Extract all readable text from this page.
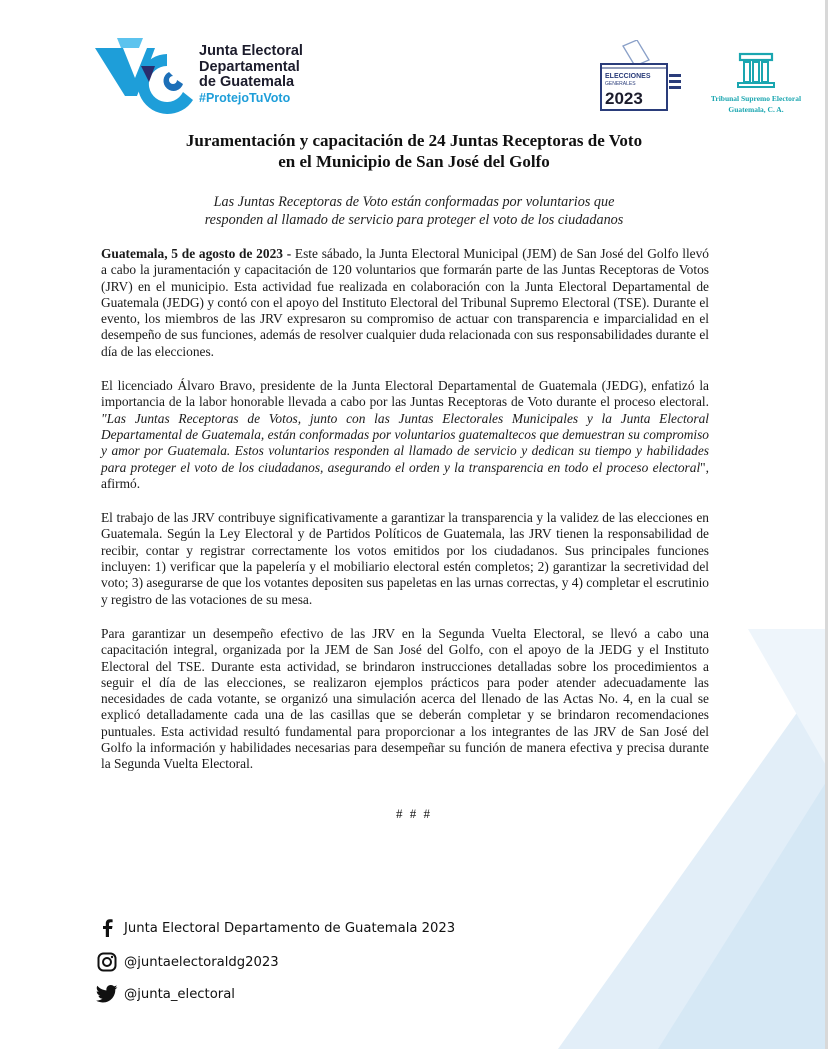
Junta Electoral
Departamental
de Guatemala
#ProtejoTuVoto
ELECCIONES
GENERALES
2023	Tribunal Supremo Electoral
Guatemala, C. A.
Juramentación y capacitación de 24 Juntas Receptoras de Voto
en el Municipio de San José del Golfo
Las Juntas Receptoras de Voto están conformadas por voluntarios que
responden al llamado de servicio para proteger el voto de los ciudadanos

Guatemala, 5 de agosto de 2023 - Este sábado, la Junta Electoral Municipal (JEM) de San José del Golfo llevó a cabo la juramentación y capacitación de 120 voluntarios que formarán parte de las Juntas Receptoras de Votos (JRV) en el municipio. Esta actividad fue realizada en colaboración con la Junta Electoral Departamental de Guatemala (JEDG) y contó con el apoyo del Instituto Electoral del Tribunal Supremo Electoral (TSE). Durante el evento, los miembros de las JRV expresaron su compromiso de actuar con transparencia e imparcialidad en el desempeño de sus funciones, además de resolver cualquier duda relacionada con sus responsabilidades durante el día de las elecciones.

El licenciado Álvaro Bravo, presidente de la Junta Electoral Departamental de Guatemala (JEDG), enfatizó la importancia de la labor honorable llevada a cabo por las Juntas Receptoras de Voto durante el proceso electoral. "Las Juntas Receptoras de Votos, junto con las Juntas Electorales Municipales y la Junta Electoral Departamental de Guatemala, están conformadas por voluntarios guatemaltecos que demuestran su compromiso y amor por Guatemala. Estos voluntarios responden al llamado de servicio y dedican su tiempo y habilidades para proteger el voto de los ciudadanos, asegurando el orden y la transparencia en todo el proceso electoral", afirmó.

El trabajo de las JRV contribuye significativamente a garantizar la transparencia y la validez de las elecciones en Guatemala. Según la Ley Electoral y de Partidos Políticos de Guatemala, las JRV tienen la responsabilidad de recibir, contar y registrar correctamente los votos emitidos por los ciudadanos. Sus principales funciones incluyen: 1) verificar que la papelería y el mobiliario electoral estén completos; 2) garantizar la secretividad del voto; 3) asegurarse de que los votantes depositen sus papeletas en las urnas correctas, y 4) completar el escrutinio y registro de las votaciones de su mesa.

Para garantizar un desempeño efectivo de las JRV en la Segunda Vuelta Electoral, se llevó a cabo una capacitación integral, organizada por la JEM de San José del Golfo, con el apoyo de la JEDG y el Instituto Electoral del TSE. Durante esta actividad, se brindaron instrucciones detalladas sobre los procedimientos a seguir el día de las elecciones, se realizaron ejemplos prácticos para poder atender adecuadamente las necesidades de cada votante, se organizó una simulación acerca del llenado de las Actas No. 4, en la cual se explicó detalladamente cada una de las casillas que se deberán completar y se brindaron recomendaciones puntuales. Esta actividad resultó fundamental para proporcionar a los integrantes de las JRV de San José del Golfo la información y habilidades necesarias para desempeñar su función de manera efectiva y precisa durante la Segunda Vuelta Electoral.

# # #
Junta Electoral Departamento de Guatemala 2023
@juntaelectoraldg2023
@junta_electoral
